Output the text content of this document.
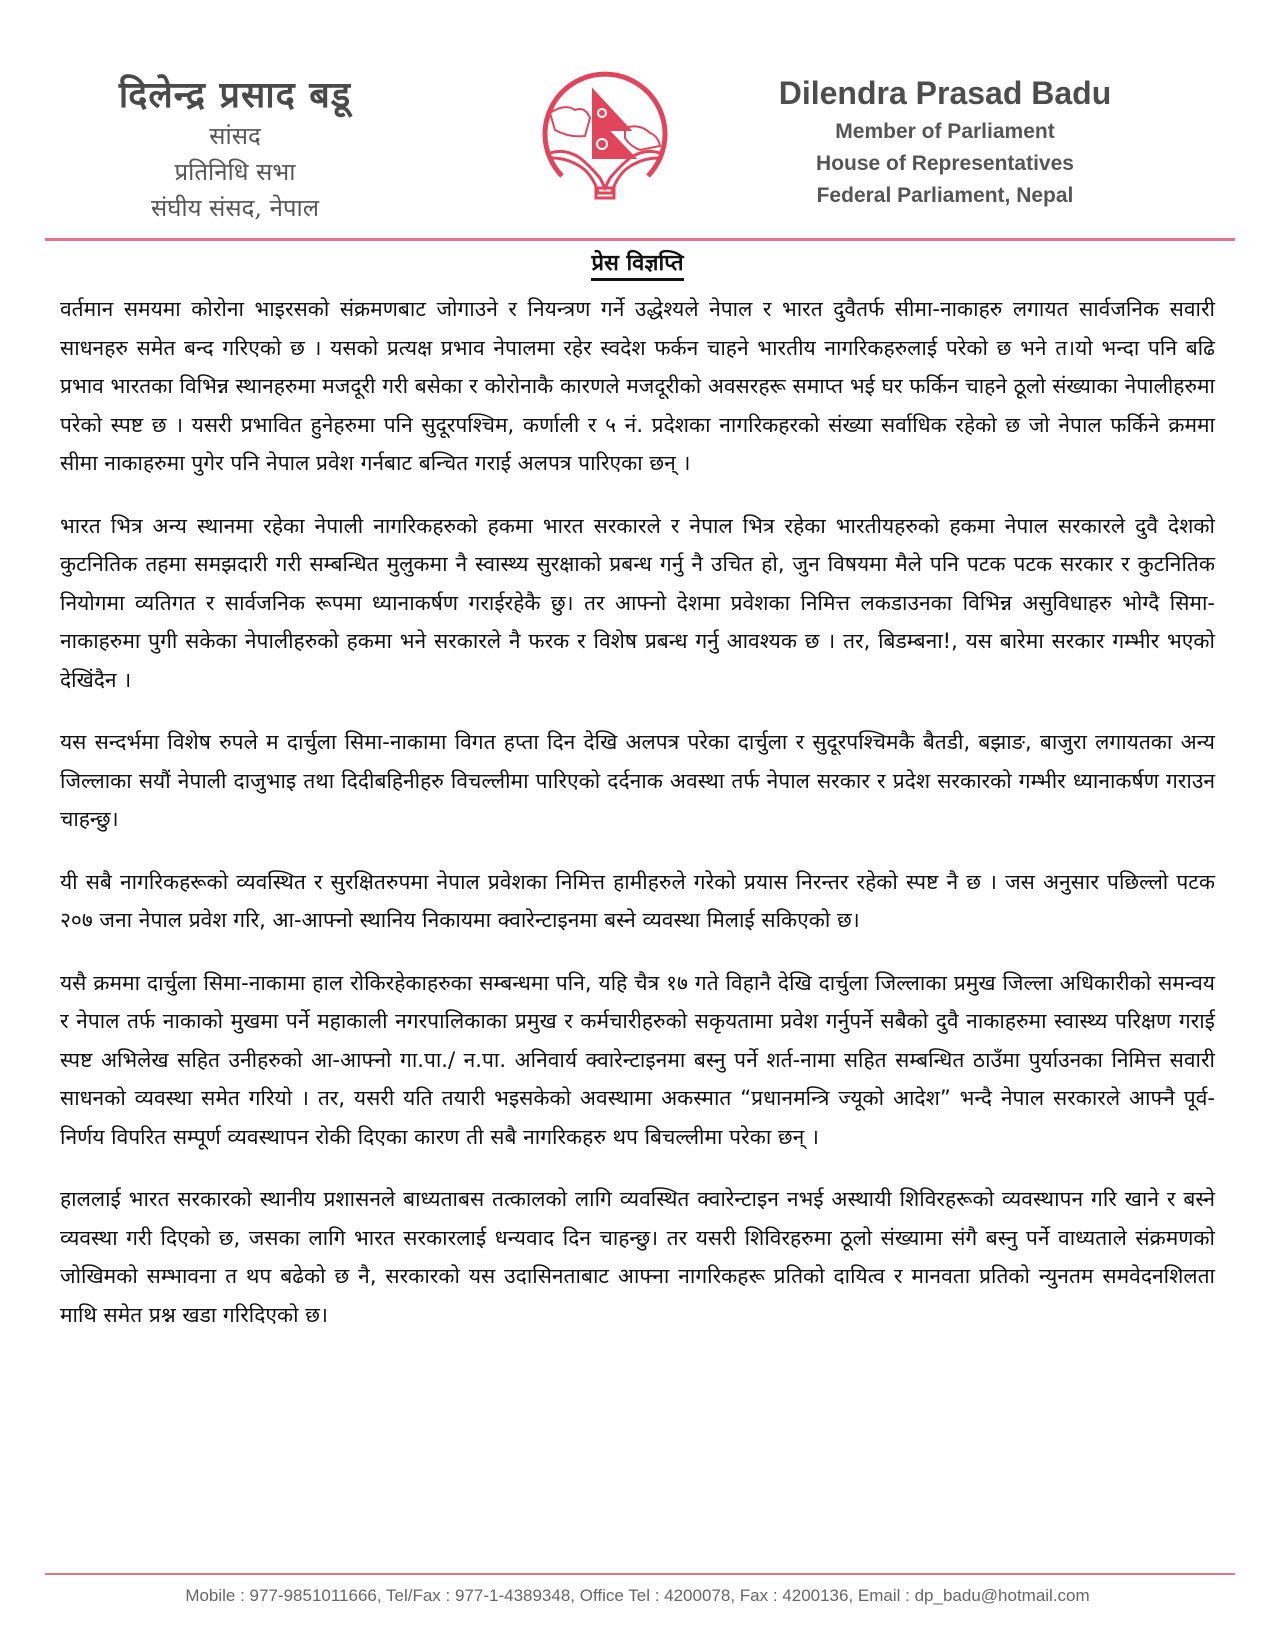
दिलेन्द्र प्रसाद बडू
सांसद
प्रतिनिधि सभा
संघीय संसद, नेपाल
Dilendra Prasad Badu
Member of Parliament
House of Representatives
Federal Parliament, Nepal
प्रेस विज्ञप्ति

वर्तमान समयमा कोरोना भाइरसको संक्रमणबाट जोगाउने र नियन्त्रण गर्ने उद्धेश्यले नेपाल र भारत दुवैतर्फ सीमा-नाकाहरु लगायत सार्वजनिक सवारी साधनहरु समेत बन्द गरिएको छ । यसको प्रत्यक्ष प्रभाव नेपालमा रहेर स्वदेश फर्कन चाहने भारतीय नागरिकहरुलाई परेको छ भने त।यो भन्दा पनि बढि प्रभाव भारतका विभिन्न स्थानहरुमा मजदूरी गरी बसेका र कोरोनाकै कारणले मजदूरीको अवसरहरू समाप्त भई घर फर्किन चाहने ठूलो संख्याका नेपालीहरुमा परेको स्पष्ट छ । यसरी प्रभावित हुनेहरुमा पनि सुदूरपश्चिम, कर्णाली र ५ नं. प्रदेशका नागरिकहरको संख्या सर्वाधिक रहेको छ जो नेपाल फर्किने क्रममा सीमा नाकाहरुमा पुगेर पनि नेपाल प्रवेश गर्नबाट बन्चित गराई अलपत्र पारिएका छन् ।

भारत भित्र अन्य स्थानमा रहेका नेपाली नागरिकहरुको हकमा भारत सरकारले र नेपाल भित्र रहेका भारतीयहरुको हकमा नेपाल सरकारले दुवै देशको कुटनितिक तहमा समझदारी गरी सम्बन्धित मुलुकमा नै स्वास्थ्य सुरक्षाको प्रबन्ध गर्नु नै उचित हो, जुन विषयमा मैले पनि पटक पटक सरकार र कुटनितिक नियोगमा व्यतिगत र सार्वजनिक रूपमा ध्यानाकर्षण गराईरहेकै छु। तर आफ्नो देशमा प्रवेशका निमित्त लकडाउनका विभिन्न असुविधाहरु भोग्दै सिमा-नाकाहरुमा पुगी सकेका नेपालीहरुको हकमा भने सरकारले नै फरक र विशेष प्रबन्ध गर्नु आवश्यक छ । तर, बिडम्बना!, यस बारेमा सरकार गम्भीर भएको देखिंदैन ।

यस सन्दर्भमा विशेष रुपले म दार्चुला सिमा-नाकामा विगत हप्ता दिन देखि अलपत्र परेका दार्चुला र सुदूरपश्चिमकै बैतडी, बझाङ, बाजुरा लगायतका अन्य जिल्लाका सयौं नेपाली दाजुभाइ तथा दिदीबहिनीहरु विचल्लीमा पारिएको दर्दनाक अवस्था तर्फ नेपाल सरकार र प्रदेश सरकारको गम्भीर ध्यानाकर्षण गराउन चाहन्छु।

यी सबै नागरिकहरूको व्यवस्थित र सुरक्षितरुपमा नेपाल प्रवेशका निमित्त हामीहरुले गरेको प्रयास निरन्तर रहेको स्पष्ट नै छ । जस अनुसार पछिल्लो पटक २०७ जना नेपाल प्रवेश गरि, आ-आफ्नो स्थानिय निकायमा क्वारेन्टाइनमा बस्ने व्यवस्था मिलाई सकिएको छ।

यसै क्रममा दार्चुला सिमा-नाकामा हाल रोकिरहेकाहरुका सम्बन्धमा पनि, यहि चैत्र १७ गते विहानै देखि दार्चुला जिल्लाका प्रमुख जिल्ला अधिकारीको समन्वय र नेपाल तर्फ नाकाको मुखमा पर्ने महाकाली नगरपालिकाका प्रमुख र कर्मचारीहरुको सकृयतामा प्रवेश गर्नुपर्ने सबैको दुवै नाकाहरुमा स्वास्थ्य परिक्षण गराई स्पष्ट अभिलेख सहित उनीहरुको आ-आफ्नो गा.पा./ न.पा. अनिवार्य क्वारेन्टाइनमा बस्नु पर्ने शर्त-नामा सहित सम्बन्धित ठाउँमा पुर्याउनका निमित्त सवारी साधनको व्यवस्था समेत गरियो । तर, यसरी यति तयारी भइसकेको अवस्थामा अकस्मात “प्रधानमन्त्रि ज्यूको आदेश” भन्दै नेपाल सरकारले आफ्नै पूर्व-निर्णय विपरित सम्पूर्ण व्यवस्थापन रोकी दिएका कारण ती सबै नागरिकहरु थप बिचल्लीमा परेका छन् ।

हाललाई भारत सरकारको स्थानीय प्रशासनले बाध्यताबस तत्कालको लागि व्यवस्थित क्वारेन्टाइन नभई अस्थायी शिविरहरूको व्यवस्थापन गरि खाने र बस्ने व्यवस्था गरी दिएको छ, जसका लागि भारत सरकारलाई धन्यवाद दिन चाहन्छु। तर यसरी शिविरहरुमा ठूलो संख्यामा संगै बस्नु पर्ने वाध्यताले संक्रमणको जोखिमको सम्भावना त थप बढेको छ नै, सरकारको यस उदासिनताबाट आफ्ना नागरिकहरू प्रतिको दायित्व र मानवता प्रतिको न्युनतम समवेदनशिलता माथि समेत प्रश्न खडा गरिदिएको छ।

Mobile : 977-9851011666, Tel/Fax : 977-1-4389348, Office Tel : 4200078, Fax : 4200136, Email : dp_badu@hotmail.com
